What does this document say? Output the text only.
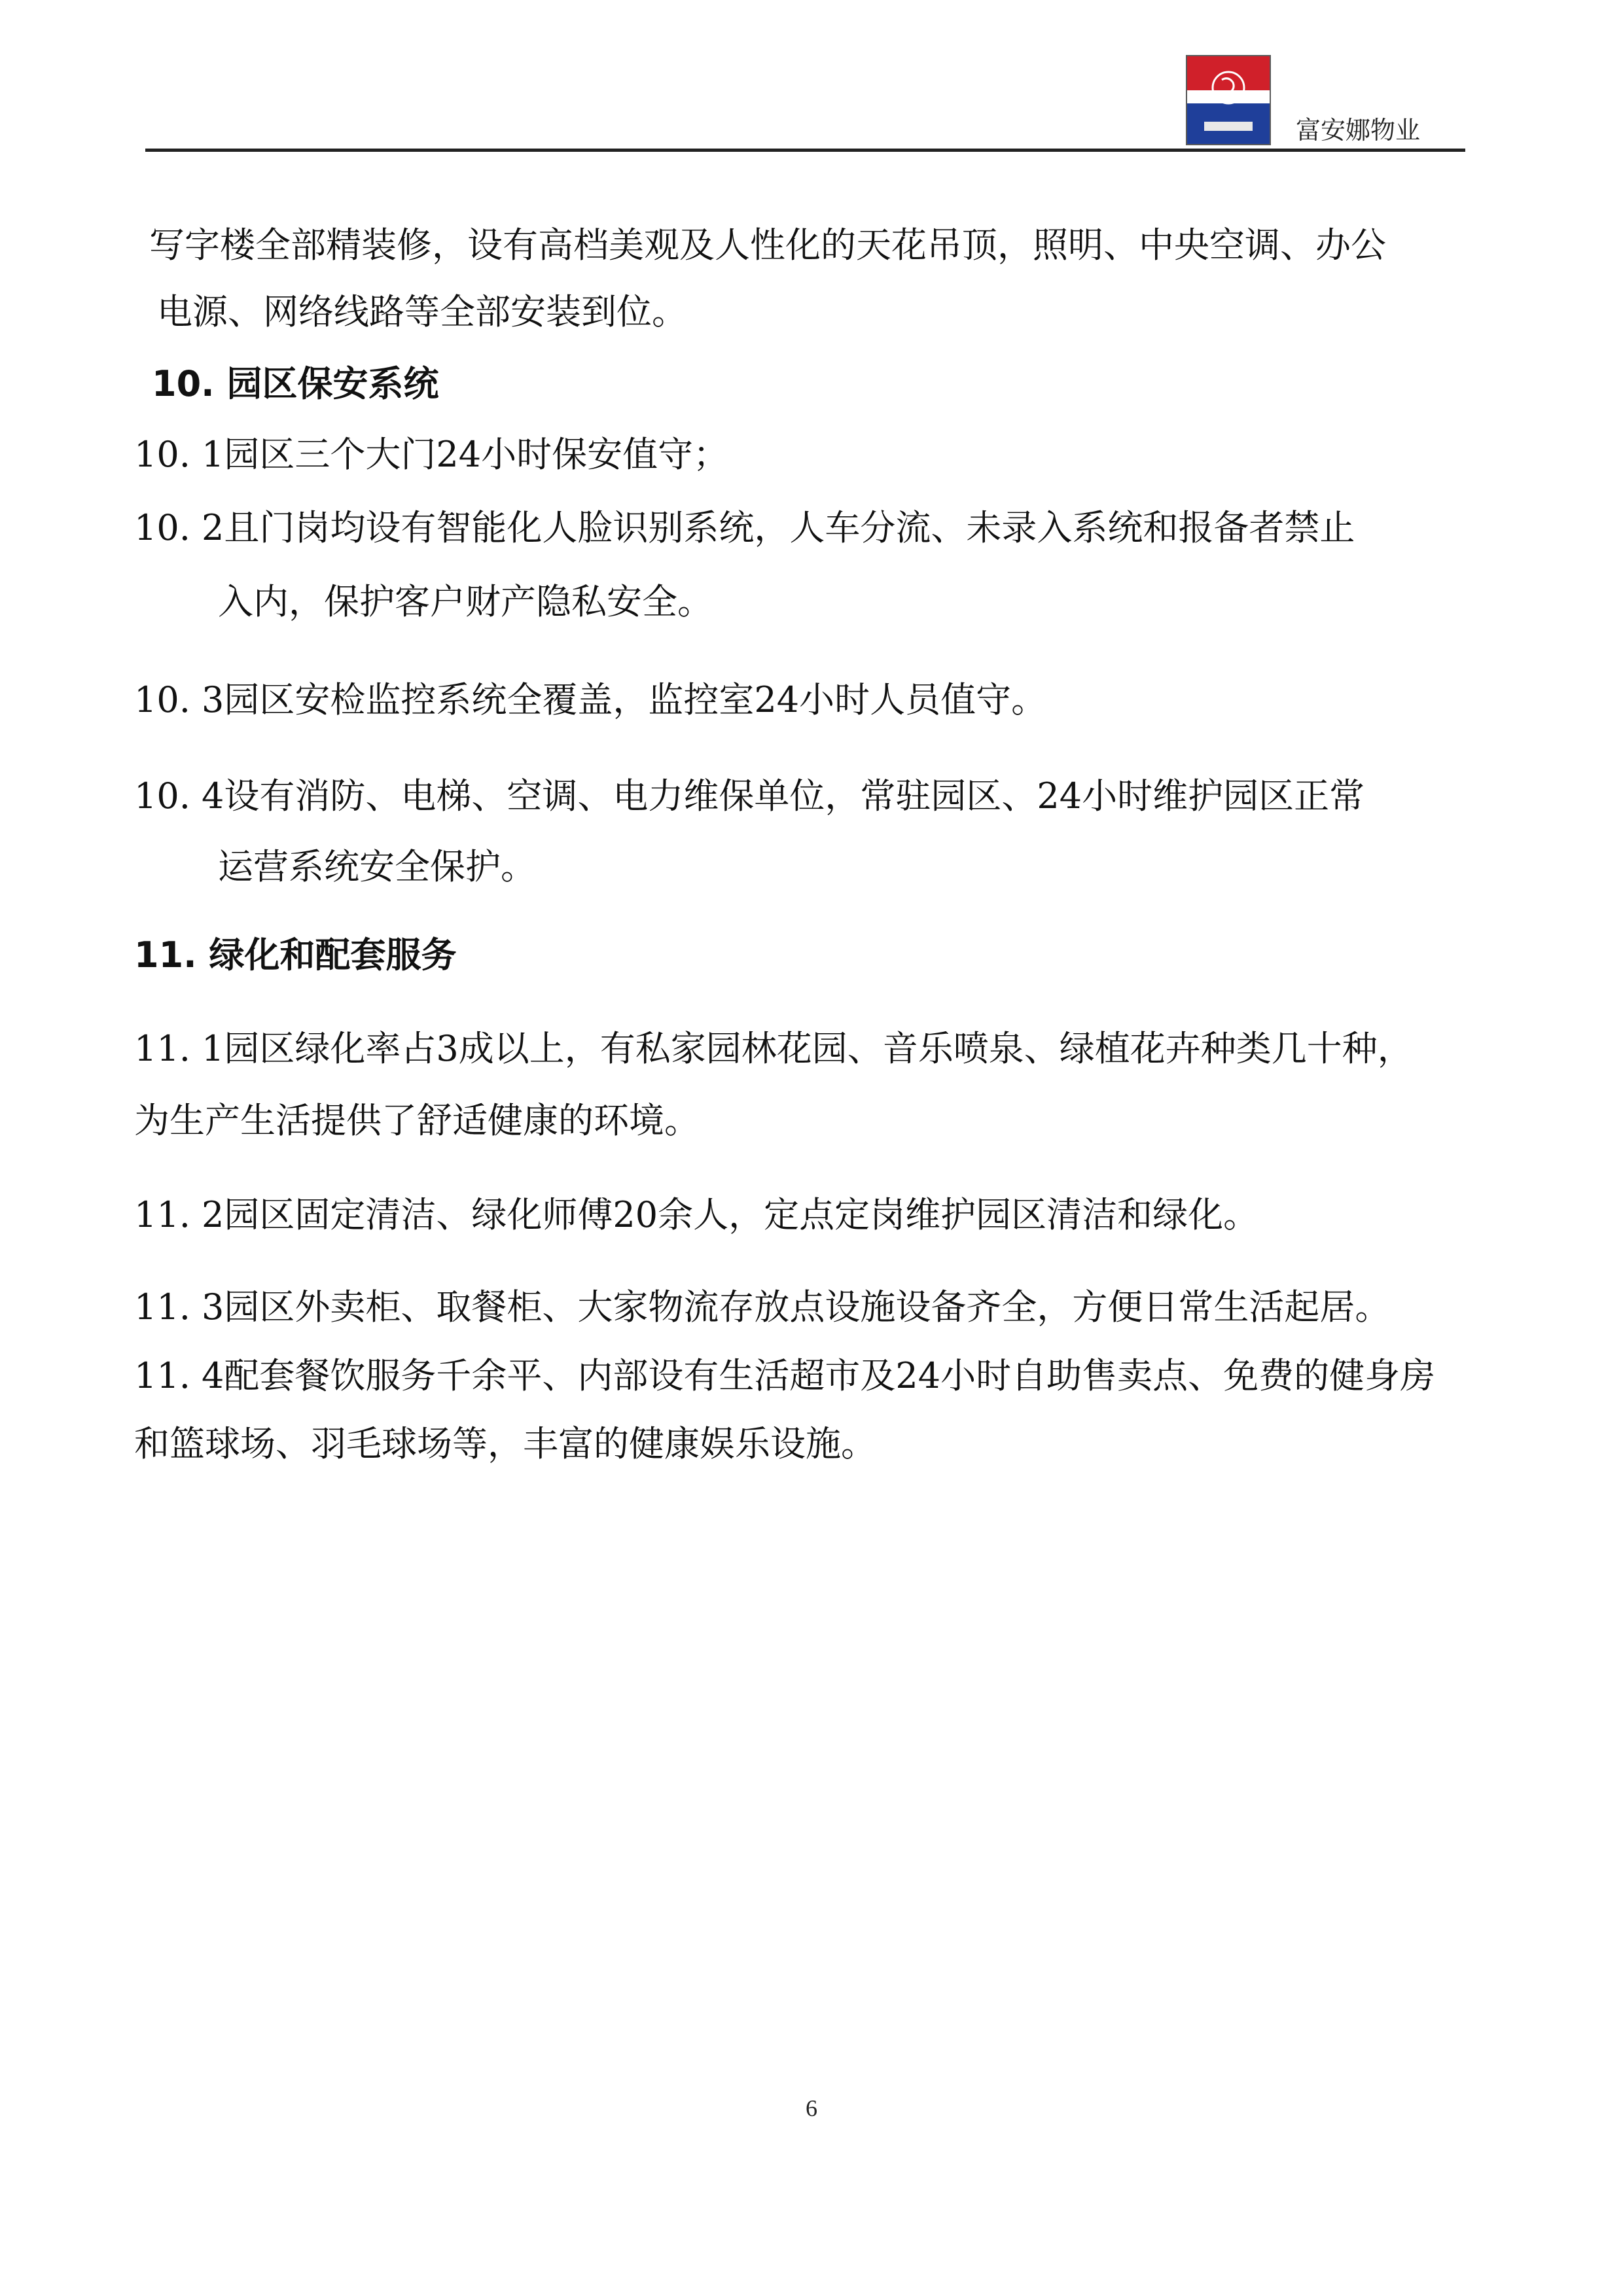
富安娜物业
写字楼全部精装修，设有高档美观及人性化的天花吊顶，照明、中央空调、办公
电源、网络线路等全部安装到位。
10. 园区保安系统
10. 1园区三个大门24小时保安值守；
10. 2且门岗均设有智能化人脸识别系统，人车分流、未录入系统和报备者禁止
入内，保护客户财产隐私安全。
10. 3园区安检监控系统全覆盖，监控室24小时人员值守。
10. 4设有消防、电梯、空调、电力维保单位，常驻园区、24小时维护园区正常
运营系统安全保护。
11. 绿化和配套服务
11. 1园区绿化率占3成以上，有私家园林花园、音乐喷泉、绿植花卉种类几十种，
为生产生活提供了舒适健康的环境。
11. 2园区固定清洁、绿化师傅20余人，定点定岗维护园区清洁和绿化。
11. 3园区外卖柜、取餐柜、大家物流存放点设施设备齐全，方便日常生活起居。
11. 4配套餐饮服务千余平、内部设有生活超市及24小时自助售卖点、免费的健身房
和篮球场、羽毛球场等，丰富的健康娱乐设施。
6
